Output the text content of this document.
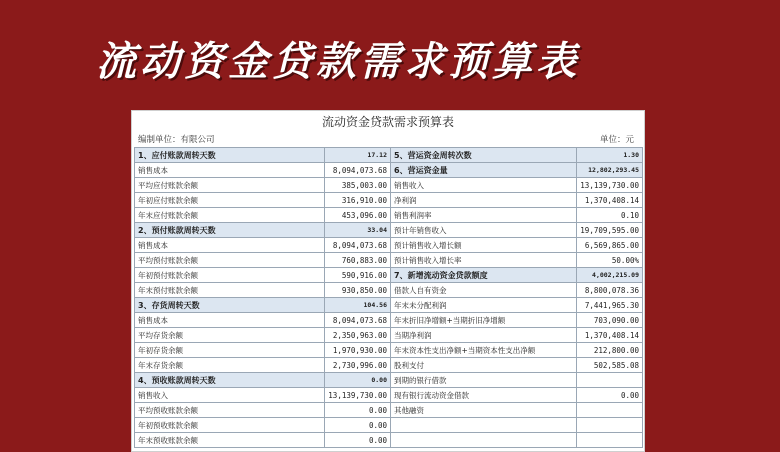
流动资金贷款需求预算表
流动资金贷款需求预算表
编制单位：有限公司	单位：元
1、应付账款周转天数	17.12	5、营运资金周转次数	1.30
销售成本	8,094,073.68	6、营运资金量	12,802,293.45
平均应付账款余额	385,003.00	销售收入	13,139,730.00
年初应付账款余额	316,910.00	净利润	1,370,408.14
年末应付账款余额	453,096.00	销售利润率	0.10
2、预付账款周转天数	33.04	预计年销售收入	19,709,595.00
销售成本	8,094,073.68	预计销售收入增长额	6,569,865.00
平均预付账款余额	760,883.00	预计销售收入增长率	50.00%
年初预付账款余额	590,916.00	7、新增流动资金贷款额度	4,002,215.09
年末预付账款余额	930,850.00	借款人自有资金	8,800,078.36
3、存货周转天数	104.56	年末未分配利润	7,441,965.30
销售成本	8,094,073.68	年末折旧净增额+当期折旧净增额	703,090.00
平均存货余额	2,350,963.00	当期净利润	1,370,408.14
年初存货余额	1,970,930.00	年末资本性支出净额+当期资本性支出净额	212,800.00
年末存货余额	2,730,996.00	股利支付	502,585.08
4、预收账款周转天数	0.00	到期的银行借款	
销售收入	13,139,730.00	现有银行流动资金借款	0.00
平均预收账款余额	0.00	其他融资	
年初预收账款余额	0.00		
年末预收账款余额	0.00		
